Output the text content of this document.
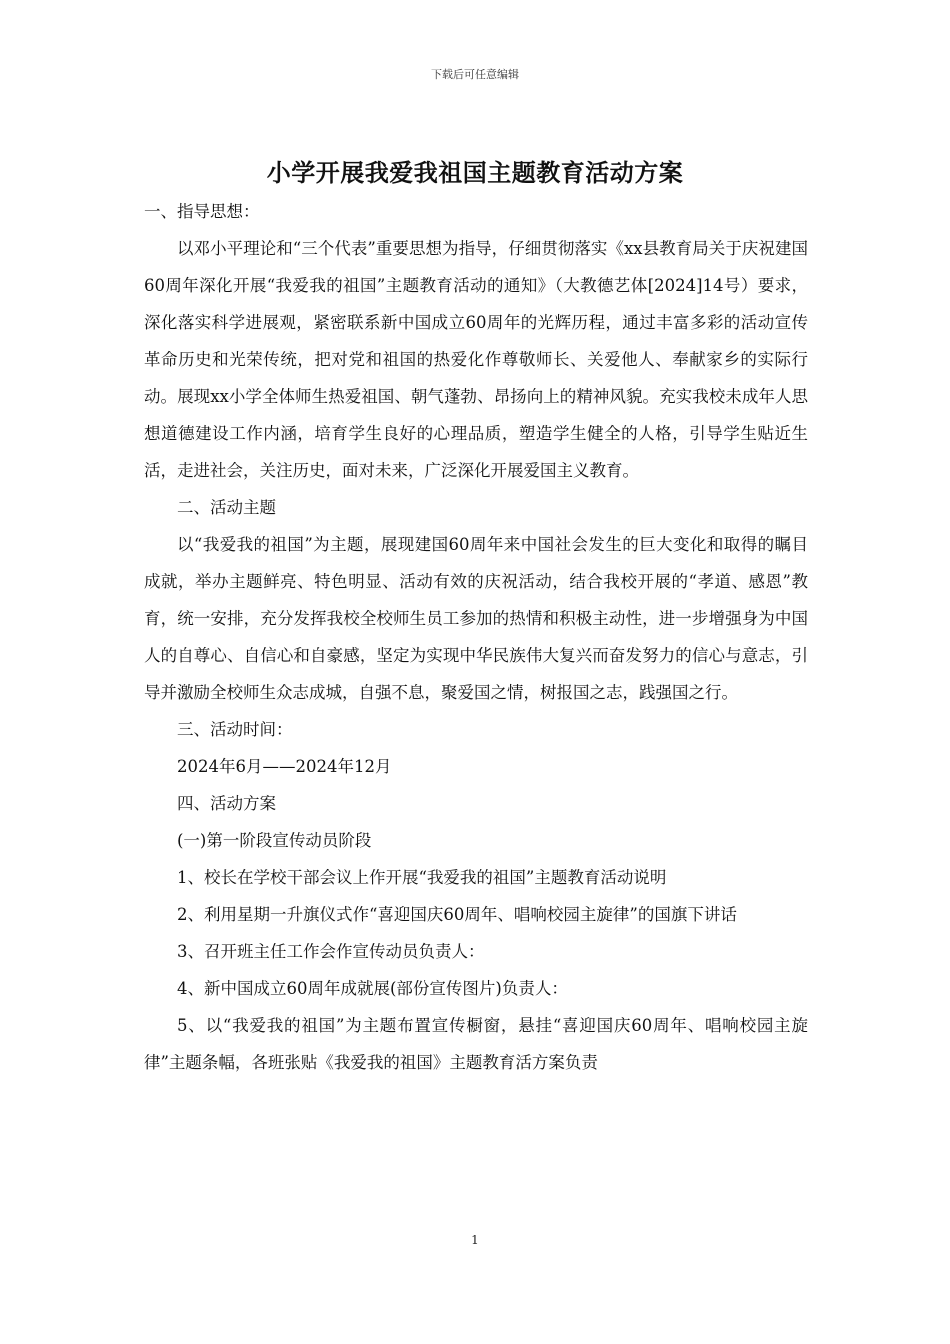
下载后可任意编辑
小学开展我爱我祖国主题教育活动方案

一、指导思想：

以邓小平理论和“三个代表”重要思想为指导，仔细贯彻落实《xx县教育局关于庆祝建国60周年深化开展“我爱我的祖国”主题教育活动的通知》（大教德艺体[2024]14号）要求，深化落实科学进展观，紧密联系新中国成立60周年的光辉历程，通过丰富多彩的活动宣传革命历史和光荣传统，把对党和祖国的热爱化作尊敬师长、关爱他人、奉献家乡的实际行动。展现xx小学全体师生热爱祖国、朝气蓬勃、昂扬向上的精神风貌。充实我校未成年人思想道德建设工作内涵，培育学生良好的心理品质，塑造学生健全的人格，引导学生贴近生活，走进社会，关注历史，面对未来，广泛深化开展爱国主义教育。

二、活动主题

以“我爱我的祖国”为主题，展现建国60周年来中国社会发生的巨大变化和取得的瞩目成就，举办主题鲜亮、特色明显、活动有效的庆祝活动，结合我校开展的“孝道、感恩”教育，统一安排，充分发挥我校全校师生员工参加的热情和积极主动性，进一步增强身为中国人的自尊心、自信心和自豪感，坚定为实现中华民族伟大复兴而奋发努力的信心与意志，引导并激励全校师生众志成城，自强不息，聚爱国之情，树报国之志，践强国之行。

三、活动时间：

2024年6月——2024年12月

四、活动方案

(一)第一阶段宣传动员阶段

1、校长在学校干部会议上作开展“我爱我的祖国”主题教育活动说明

2、利用星期一升旗仪式作“喜迎国庆60周年、唱响校园主旋律”的国旗下讲话

3、召开班主任工作会作宣传动员负责人：

4、新中国成立60周年成就展(部份宣传图片)负责人：

5、以“我爱我的祖国”为主题布置宣传橱窗，悬挂“喜迎国庆60周年、唱响校园主旋律”主题条幅，各班张贴《我爱我的祖国》主题教育活方案负责

1
